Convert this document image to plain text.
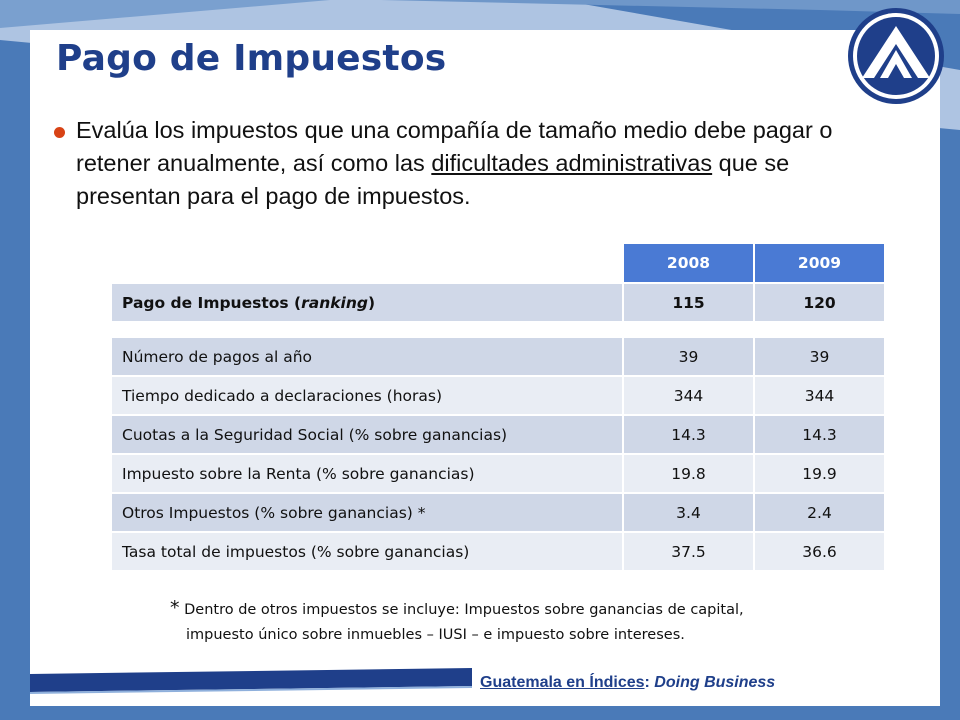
Pago de Impuestos
Evalúa los impuestos que una compañía de tamaño medio debe pagar o retener anualmente, así como las dificultades administrativas que se presentan para el pago de impuestos.
	2008	2009
Pago de Impuestos (ranking)	115	120
Número de pagos al año	39	39
Tiempo dedicado a declaraciones (horas)	344	344
Cuotas a la Seguridad Social (% sobre ganancias)	14.3	14.3
Impuesto sobre la Renta (% sobre ganancias)	19.8	19.9
Otros Impuestos (% sobre ganancias) *	3.4	2.4
Tasa total de impuestos (% sobre ganancias)	37.5	36.6
* Dentro de otros impuestos se incluye: Impuestos sobre ganancias de capital,
impuesto único sobre inmuebles – IUSI – e impuesto sobre intereses.
Guatemala en Índices: Doing Business
